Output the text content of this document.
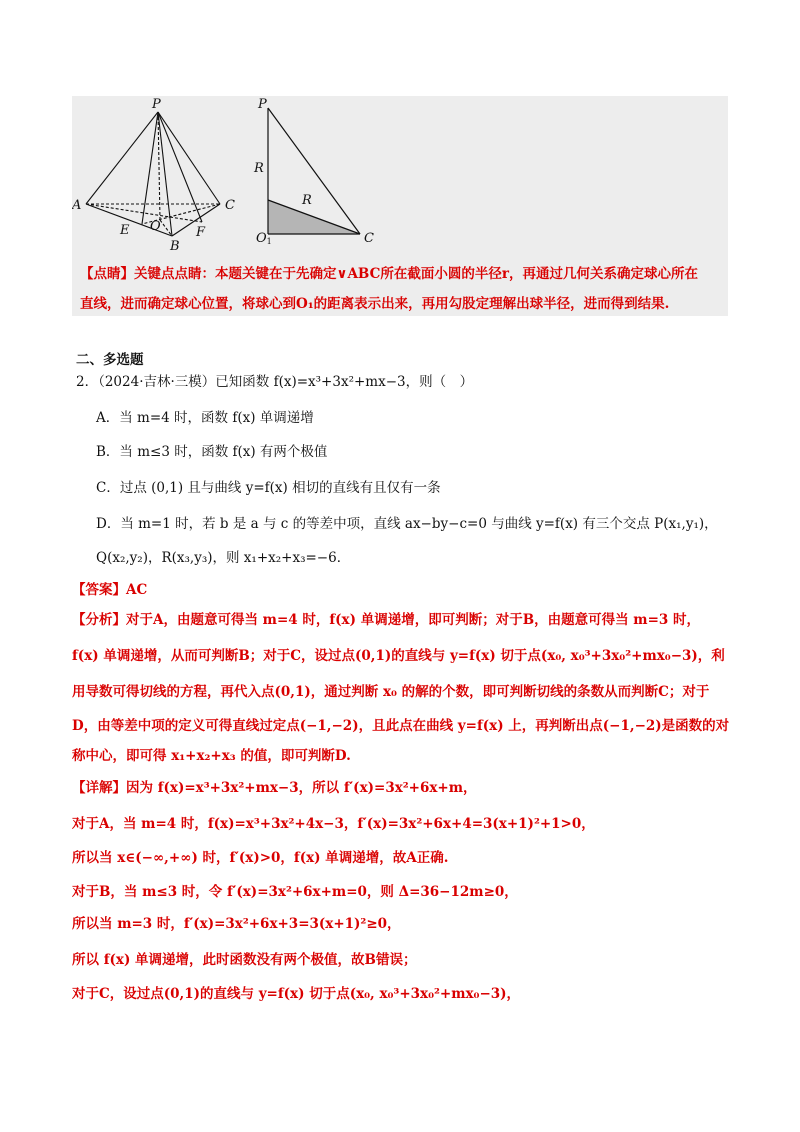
P
A	C
E O
B
F
P
R
R
O1	C
【点睛】关键点点睛：本题关键在于先确定∨ABC所在截面小圆的半径r，再通过几何关系确定球心所在
直线，进而确定球心位置，将球心到O₁的距离表示出来，再用勾股定理解出球半径，进而得到结果.
二、多选题
2．（2024·吉林·三模）已知函数 f(x)=x³+3x²+mx−3，则（　）
A．当 m=4 时，函数 f(x) 单调递增
B．当 m≤3 时，函数 f(x) 有两个极值
C．过点 (0,1) 且与曲线 y=f(x) 相切的直线有且仅有一条
D．当 m=1 时，若 b 是 a 与 c 的等差中项，直线 ax−by−c=0 与曲线 y=f(x) 有三个交点 P(x₁,y₁)，
Q(x₂,y₂)，R(x₃,y₃)，则 x₁+x₂+x₃=−6．
【答案】AC
【分析】对于A，由题意可得当 m=4 时，f(x) 单调递增，即可判断；对于B，由题意可得当 m=3 时，
f(x) 单调递增，从而可判断B；对于C，设过点(0,1)的直线与 y=f(x) 切于点(x₀, x₀³+3x₀²+mx₀−3)，利
用导数可得切线的方程，再代入点(0,1)，通过判断 x₀ 的解的个数，即可判断切线的条数从而判断C；对于
D，由等差中项的定义可得直线过定点(−1,−2)，且此点在曲线 y=f(x) 上，再判断出点(−1,−2)是函数的对
称中心，即可得 x₁+x₂+x₃ 的值，即可判断D.
【详解】因为 f(x)=x³+3x²+mx−3，所以 f′(x)=3x²+6x+m，
对于A，当 m=4 时，f(x)=x³+3x²+4x−3，f′(x)=3x²+6x+4=3(x+1)²+1>0，
所以当 x∈(−∞,+∞) 时，f′(x)>0，f(x) 单调递增，故A正确.
对于B，当 m≤3 时，令 f′(x)=3x²+6x+m=0，则 Δ=36−12m≥0，
所以当 m=3 时，f′(x)=3x²+6x+3=3(x+1)²≥0，
所以 f(x) 单调递增，此时函数没有两个极值，故B错误；
对于C，设过点(0,1)的直线与 y=f(x) 切于点(x₀, x₀³+3x₀²+mx₀−3)，
